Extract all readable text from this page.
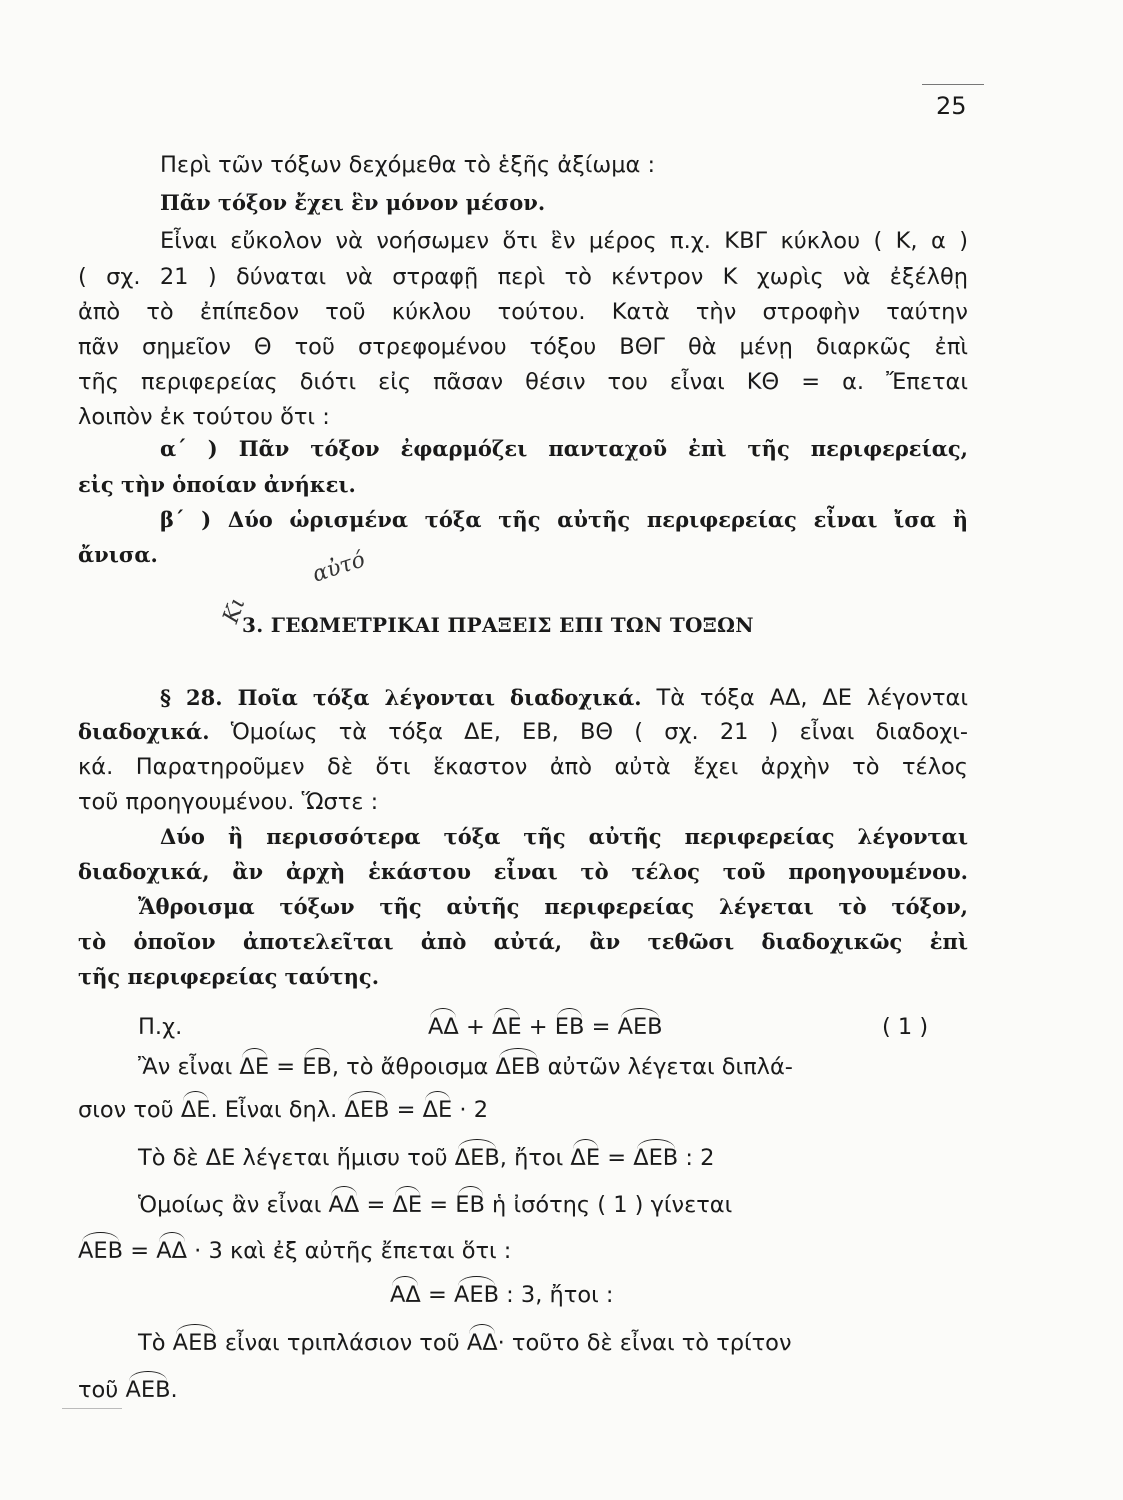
25
Περὶ τῶν τόξων δεχόμεθα τὸ ἑξῆς ἀξίωμα :
Πᾶν τόξον ἔχει ἓν μόνον μέσον.
Εἶναι εὔκολον νὰ νοήσωμεν ὅτι ἓν μέρος π.χ. ΚΒΓ κύκλου ( Κ, α )
( σχ. 21 ) δύναται νὰ στραφῇ περὶ τὸ κέντρον Κ χωρὶς νὰ ἐξέλθῃ
ἀπὸ τὸ ἐπίπεδον τοῦ κύκλου τούτου. Κατὰ τὴν στροφὴν ταύτην
πᾶν σημεῖον Θ τοῦ στρεφομένου τόξου ΒΘΓ θὰ μένῃ διαρκῶς ἐπὶ
τῆς περιφερείας διότι εἰς πᾶσαν θέσιν του εἶναι ΚΘ = α. Ἔπεται
λοιπὸν ἐκ τούτου ὅτι :
α΄ ) Πᾶν τόξον ἐφαρμόζει πανταχοῦ ἐπὶ τῆς περιφερείας,
εἰς τὴν ὁποίαν ἀνήκει.
β΄ ) Δύο ὡρισμένα τόξα τῆς αὐτῆς περιφερείας εἶναι ἴσα ἢ
ἄνισα.	αὐτό
Κι
3. ΓΕΩΜΕΤΡΙΚΑΙ ΠΡΑΞΕΙΣ ΕΠΙ ΤΩΝ ΤΟΞΩΝ
§ 28. Ποῖα τόξα λέγονται διαδοχικά. Τὰ τόξα ΑΔ, ΔΕ λέγονται
διαδοχικά. Ὁμοίως τὰ τόξα ΔΕ, ΕΒ, ΒΘ ( σχ. 21 ) εἶναι διαδοχι-
κά. Παρατηροῦμεν δὲ ὅτι ἕκαστον ἀπὸ αὐτὰ ἔχει ἀρχὴν τὸ τέλος
τοῦ προηγουμένου. Ὥστε :
Δύο ἢ περισσότερα τόξα τῆς αὐτῆς περιφερείας λέγονται
διαδοχικά, ἂν ἀρχὴ ἑκάστου εἶναι τὸ τέλος τοῦ προηγουμένου.
Ἄθροισμα τόξων τῆς αὐτῆς περιφερείας λέγεται τὸ τόξον,
τὸ ὁποῖον ἀποτελεῖται ἀπὸ αὐτά, ἂν τεθῶσι διαδοχικῶς ἐπὶ
τῆς περιφερείας ταύτης.
Π.χ.	ΑΔ + ΔΕ + ΕΒ = ΑΕΒ	( 1 )
Ἂν εἶναι ΔΕ = ΕΒ, τὸ ἄθροισμα ΔΕΒ αὐτῶν λέγεται διπλά-
σιον τοῦ ΔΕ. Εἶναι δηλ. ΔΕΒ = ΔΕ · 2
Τὸ δὲ ΔΕ λέγεται ἥμισυ τοῦ ΔΕΒ, ἤτοι ΔΕ = ΔΕΒ : 2
Ὁμοίως ἂν εἶναι ΑΔ = ΔΕ = ΕΒ ἡ ἰσότης ( 1 ) γίνεται
ΑΕΒ = ΑΔ · 3 καὶ ἐξ αὐτῆς ἔπεται ὅτι :
ΑΔ = ΑΕΒ : 3, ἤτοι :
Τὸ ΑΕΒ εἶναι τριπλάσιον τοῦ ΑΔ· τοῦτο δὲ εἶναι τὸ τρίτον
τοῦ ΑΕΒ.
